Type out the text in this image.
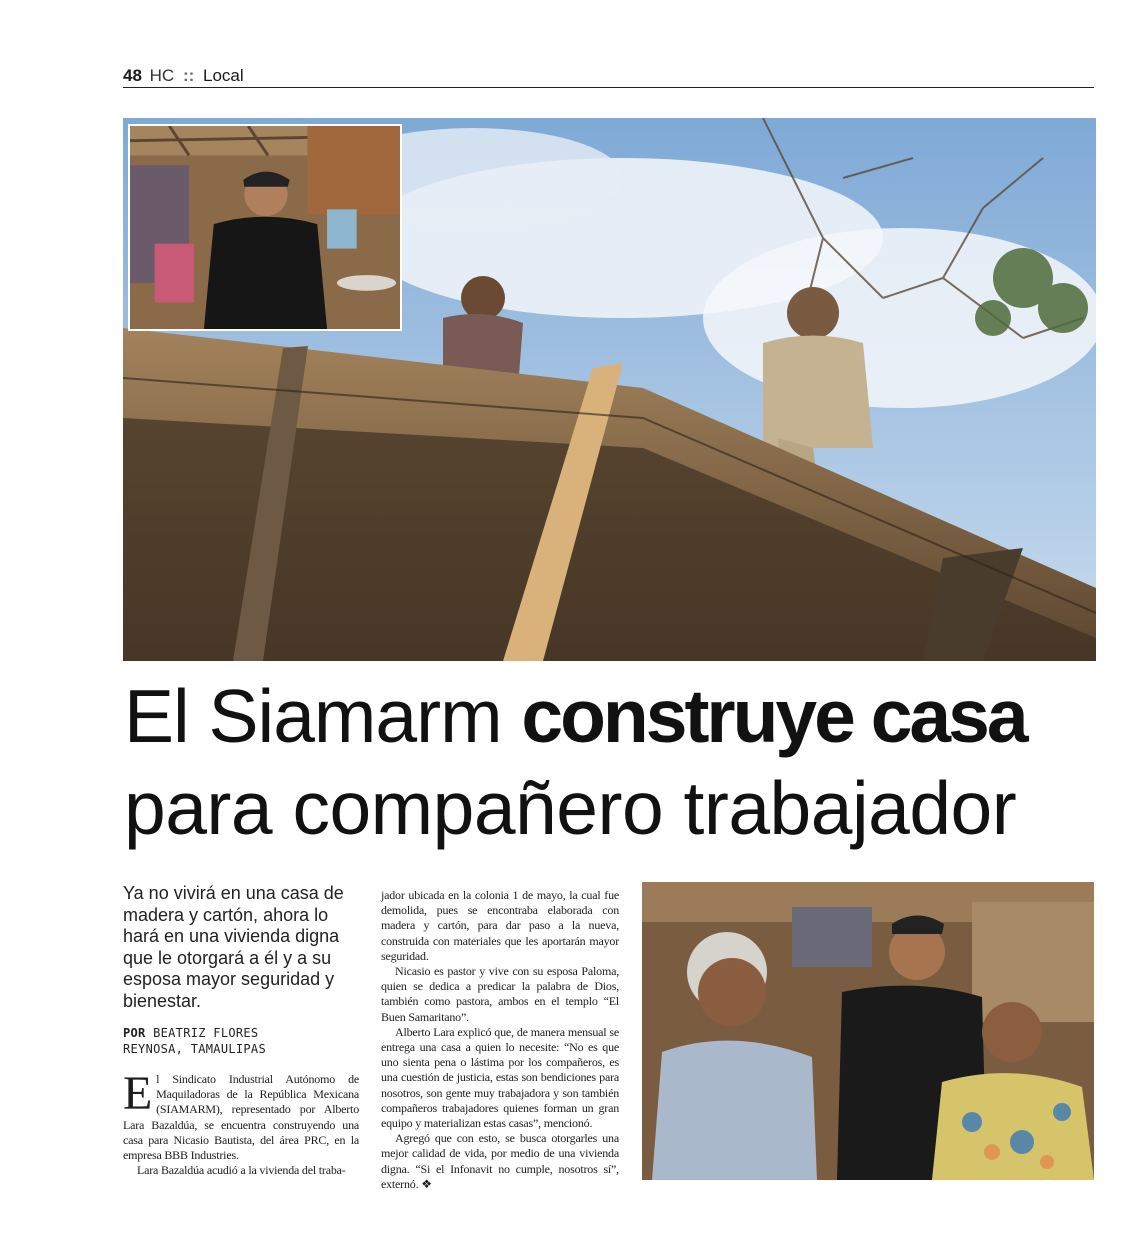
48 HC :: Local
El Siamarm construye casa
para compañero trabajador
Ya no vivirá en una casa de madera y cartón, ahora lo hará en una vivienda digna que le otorgará a él y a su esposa mayor seguridad y bienestar.
POR BEATRIZ FLORES
REYNOSA, TAMAULIPAS

El Sindicato Industrial Autónomo de Maquiladoras de la República Mexicana (SIAMARM), representado por Alberto Lara Bazaldúa, se encuentra construyendo una casa para Nicasio Bautista, del área PRC, en la empresa BBB Industries.

Lara Bazaldúa acudió a la vivienda del traba-

jador ubicada en la colonia 1 de mayo, la cual fue demolida, pues se encontraba elaborada con madera y cartón, para dar paso a la nueva, construida con materiales que les aportarán mayor seguridad.

Nicasio es pastor y vive con su esposa Paloma, quien se dedica a predicar la palabra de Dios, también como pastora, ambos en el templo “El Buen Samaritano”.

Alberto Lara explicó que, de manera mensual se entrega una casa a quien lo necesite: “No es que uno sienta pena o lástima por los compañeros, es una cuestión de justicia, estas son bendiciones para nosotros, son gente muy trabajadora y son también compañeros trabajadores quienes forman un gran equipo y materializan estas casas”, mencionó.

Agregó que con esto, se busca otorgarles una mejor calidad de vida, por medio de una vivienda digna. “Si el Infonavit no cumple, nosotros sí”, externó. ❖
